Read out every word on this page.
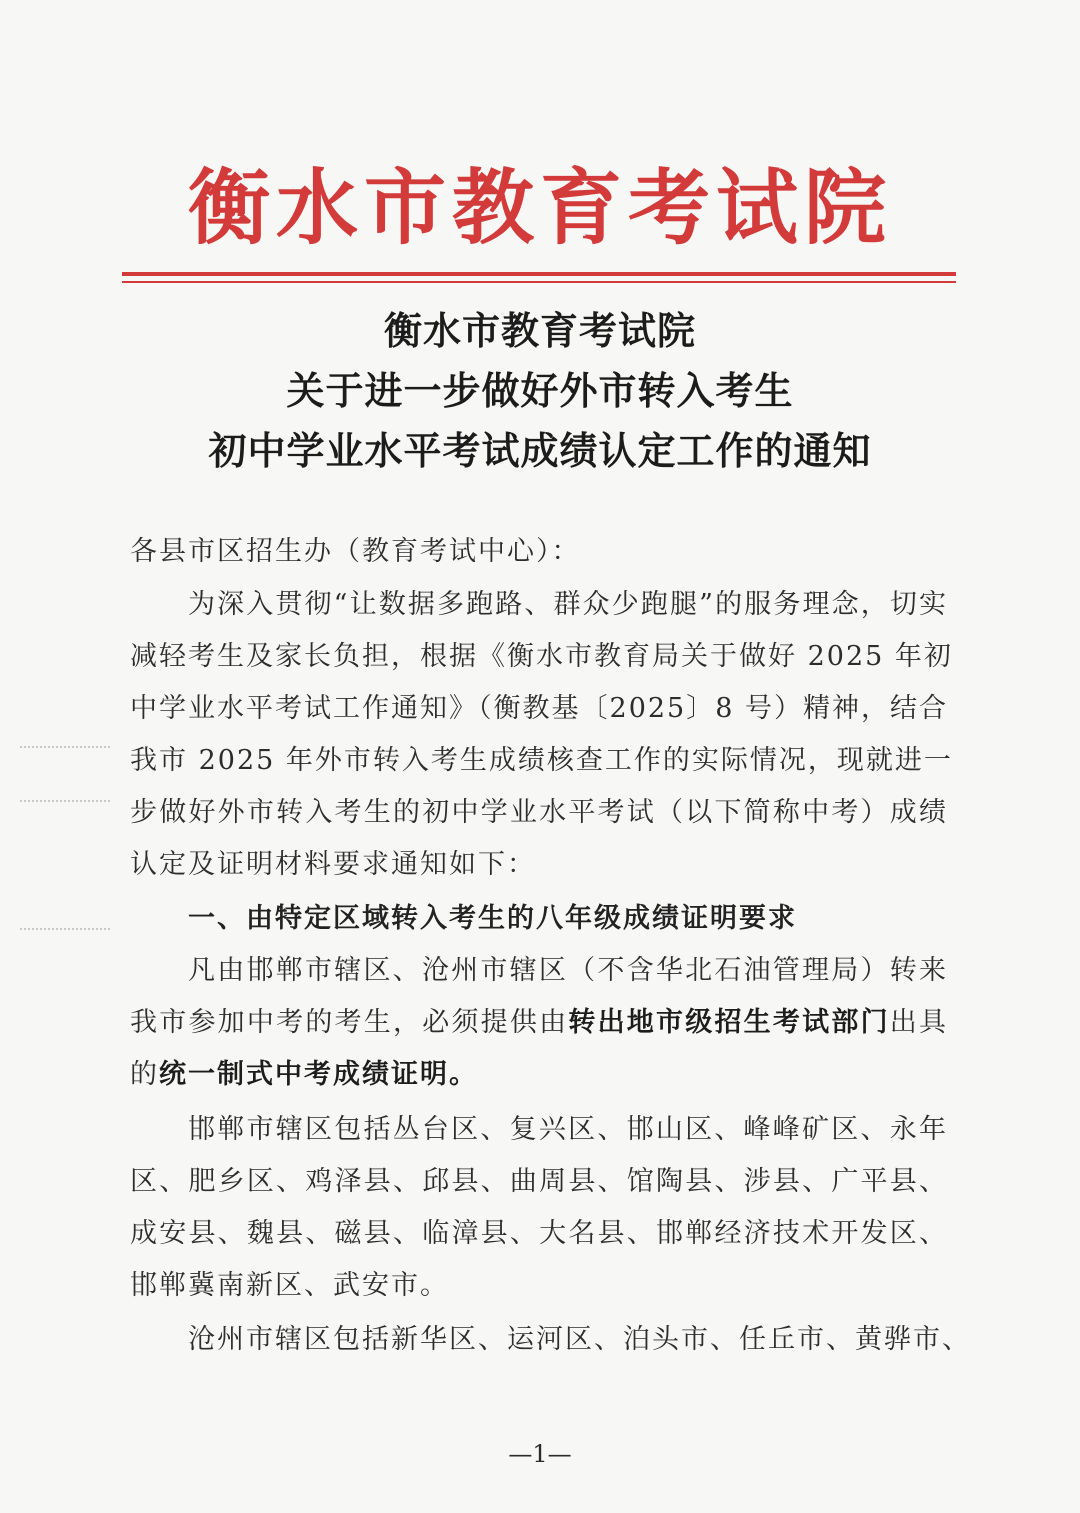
衡水市教育考试院
衡水市教育考试院
关于进一步做好外市转入考生
初中学业水平考试成绩认定工作的通知
各县市区招生办（教育考试中心）：
为深入贯彻“让数据多跑路、群众少跑腿”的服务理念，切实
减轻考生及家长负担，根据《衡水市教育局关于做好 2025 年初
中学业水平考试工作通知》（衡教基〔2025〕8 号）精神，结合
我市 2025 年外市转入考生成绩核查工作的实际情况，现就进一
步做好外市转入考生的初中学业水平考试（以下简称中考）成绩
认定及证明材料要求通知如下：
一、由特定区域转入考生的八年级成绩证明要求
凡由邯郸市辖区、沧州市辖区（不含华北石油管理局）转来
我市参加中考的考生，必须提供由转出地市级招生考试部门出具
的统一制式中考成绩证明。
邯郸市辖区包括丛台区、复兴区、邯山区、峰峰矿区、永年
区、肥乡区、鸡泽县、邱县、曲周县、馆陶县、涉县、广平县、
成安县、魏县、磁县、临漳县、大名县、邯郸经济技术开发区、
邯郸冀南新区、武安市。
沧州市辖区包括新华区、运河区、泊头市、任丘市、黄骅市、
—1—
